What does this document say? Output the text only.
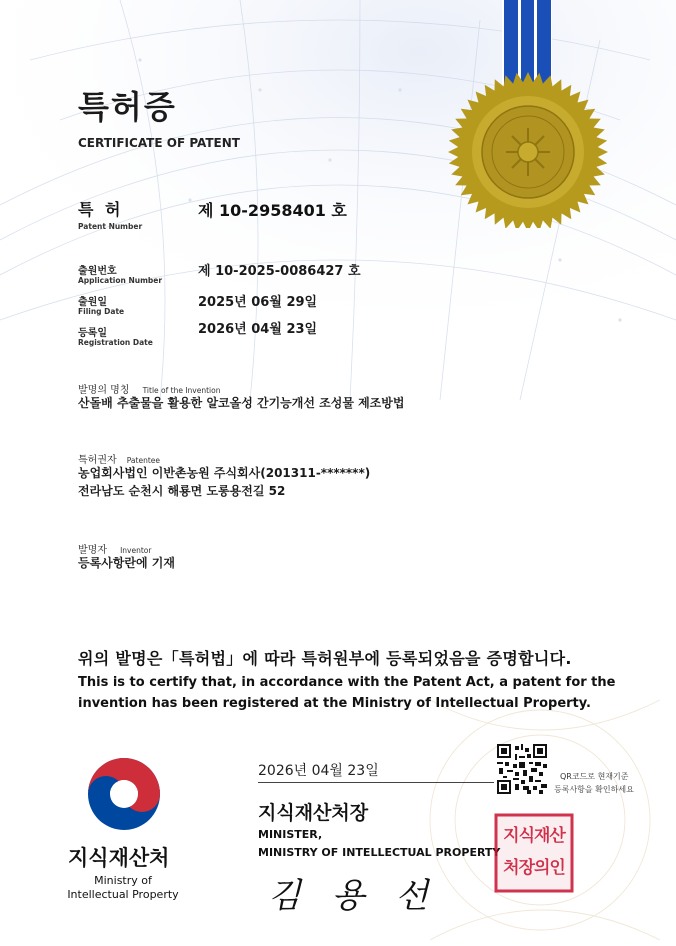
특허증
CERTIFICATE OF PATENT
특 허
Patent Number
제 10-2958401 호
출원번호
Application Number
제 10-2025-0086427 호
출원일
Filing Date
2025년 06월 29일
등록일
Registration Date
2026년 04월 23일
발명의 명칭 Title of the Invention
산돌배 추출물을 활용한 알코올성 간기능개선 조성물 제조방법
특허권자 Patentee
농업회사법인 이반촌농원 주식회사(201311-*******)
전라남도 순천시 해룡면 도롱용전길 52
발명자 Inventor
등록사항란에 기재
위의 발명은「특허법」에 따라 특허원부에 등록되었음을 증명합니다.
This is to certify that, in accordance with the Patent Act, a patent for the invention has been registered at the Ministry of Intellectual Property.
지식재산처
Ministry of
Intellectual Property
2026년 04월 23일
지식재산처장
MINISTER,
MINISTRY OF INTELLECTUAL PROPERTY
김 용 선
QR코드로 현재기준
등록사항을 확인하세요
지식재산
처장의인
